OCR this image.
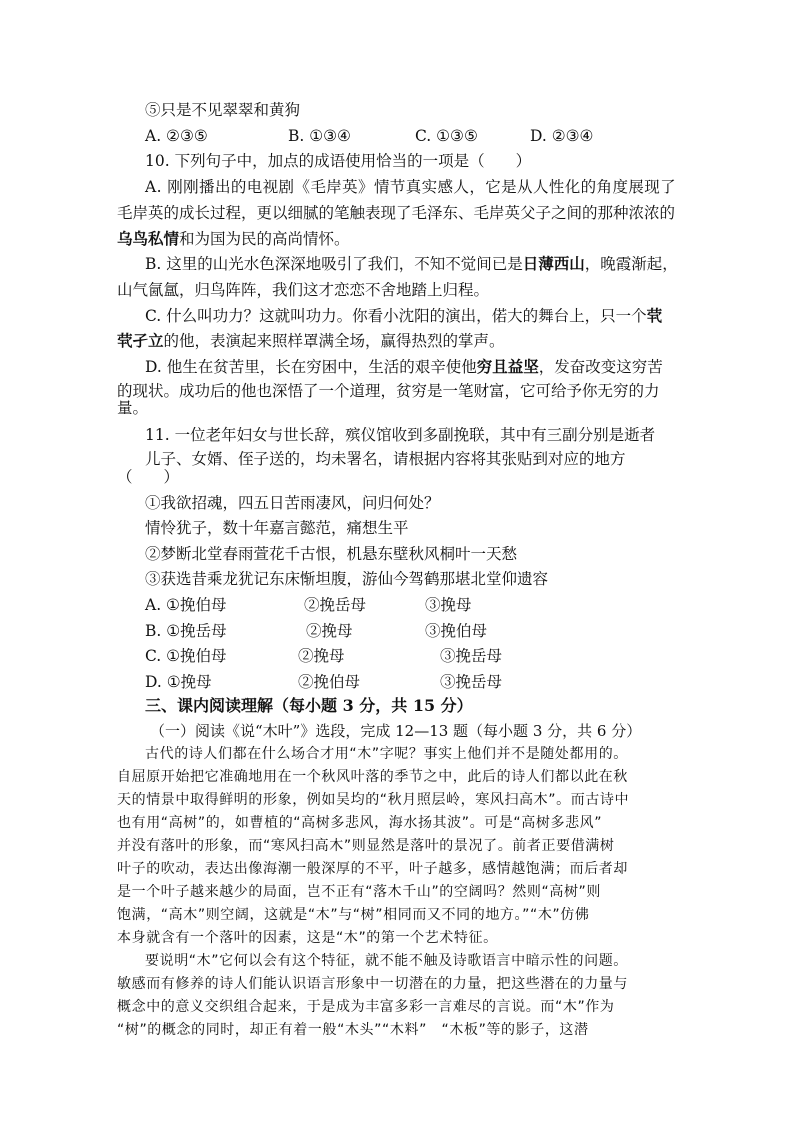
⑤只是不见翠翠和黄狗
A. ②③⑤	B. ①③④	C. ①③⑤	D. ②③④
10. 下列句子中，加点的成语使用恰当的一项是（　　）
A. 刚刚播出的电视剧《毛岸英》情节真实感人，它是从人性化的角度展现了
毛岸英的成长过程，更以细腻的笔触表现了毛泽东、毛岸英父子之间的那种浓浓的
乌鸟私情和为国为民的高尚情怀。
B. 这里的山光水色深深地吸引了我们，不知不觉间已是日薄西山，晚霞渐起，
山气氤氲，归鸟阵阵，我们这才恋恋不舍地踏上归程。
C. 什么叫功力？这就叫功力。你看小沈阳的演出，偌大的舞台上，只一个茕
茕孑立的他，表演起来照样罩满全场，赢得热烈的掌声。
D. 他生在贫苦里，长在穷困中，生活的艰辛使他穷且益坚，发奋改变这穷苦
的现状。成功后的他也深悟了一个道理，贫穷是一笔财富，它可给予你无穷的力
量。
11. 一位老年妇女与世长辞，殡仪馆收到多副挽联，其中有三副分别是逝者
儿子、女婿、侄子送的，均未署名，请根据内容将其张贴到对应的地方
（　　）
①我欲招魂，四五日苦雨凄风，问归何处？
情怜犹子，数十年嘉言懿范，痛想生平
②梦断北堂春雨萱花千古恨，机悬东壁秋风桐叶一天愁
③获选昔乘龙犹记东床惭坦腹，游仙今驾鹤那堪北堂仰遗容
A. ①挽伯母	②挽岳母	③挽母
B. ①挽岳母	②挽母	③挽伯母
C. ①挽伯母	②挽母	③挽岳母
D. ①挽母	②挽伯母	③挽岳母
三、课内阅读理解（每小题 3 分，共 15 分）
（一）阅读《说“木叶”》选段，完成 12—13 题（每小题 3 分，共 6 分）
古代的诗人们都在什么场合才用“木”字呢？事实上他们并不是随处都用的。
自屈原开始把它准确地用在一个秋风叶落的季节之中，此后的诗人们都以此在秋
天的情景中取得鲜明的形象，例如吴均的“秋月照层岭，寒风扫高木”。而古诗中
也有用“高树”的，如曹植的“高树多悲风，海水扬其波”。可是“高树多悲风”
并没有落叶的形象，而“寒风扫高木”则显然是落叶的景况了。前者正要借满树
叶子的吹动，表达出像海潮一般深厚的不平，叶子越多，感情越饱满；而后者却
是一个叶子越来越少的局面，岂不正有“落木千山”的空阔吗？然则“高树”则
饱满，“高木”则空阔，这就是“木”与“树”相同而又不同的地方。”“木”仿佛
本身就含有一个落叶的因素，这是“木”的第一个艺术特征。
要说明“木”它何以会有这个特征，就不能不触及诗歌语言中暗示性的问题。
敏感而有修养的诗人们能认识语言形象中一切潜在的力量，把这些潜在的力量与
概念中的意义交织组合起来，于是成为丰富多彩一言难尽的言说。而“木”作为
“树”的概念的同时，却正有着一般“木头”“木料”　“木板”等的影子，这潜
